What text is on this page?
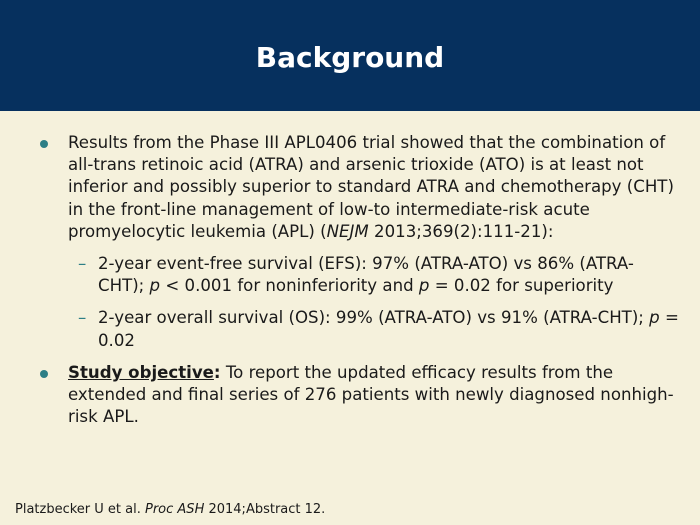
Background

Results from the Phase III APL0406 trial showed that the combination of all-trans retinoic acid (ATRA) and arsenic trioxide (ATO) is at least not inferior and possibly superior to standard ATRA and chemotherapy (CHT) in the front-line management of low-to intermediate-risk acute promyelocytic leukemia (APL) (NEJM 2013;369(2):111-21):

– 2-year event-free survival (EFS): 97% (ATRA-ATO) vs 86% (ATRA-CHT); p < 0.001 for noninferiority and p = 0.02 for superiority

– 2-year overall survival (OS): 99% (ATRA-ATO) vs 91% (ATRA-CHT); p = 0.02

Study objective: To report the updated efficacy results from the extended and final series of 276 patients with newly diagnosed nonhigh-risk APL.

Platzbecker U et al. Proc ASH 2014;Abstract 12.
